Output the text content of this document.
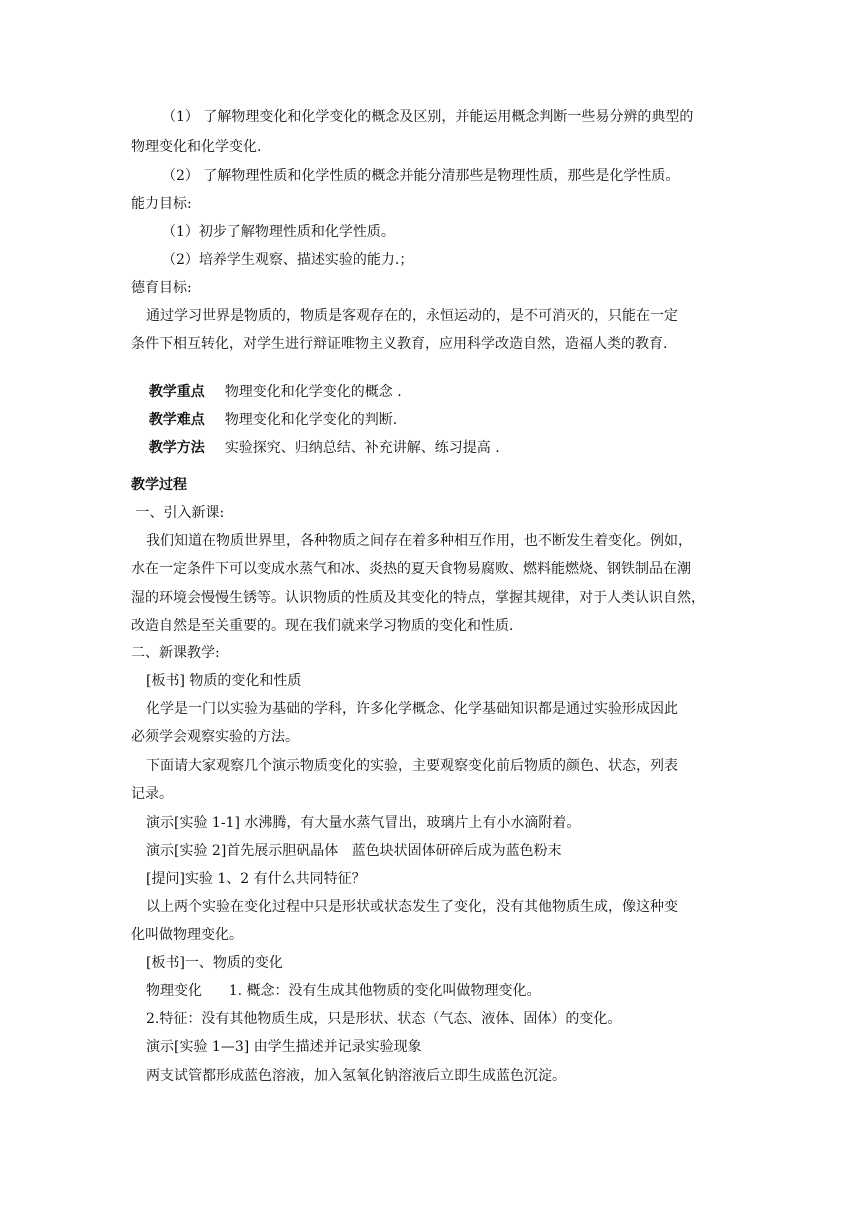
（1） 了解物理变化和化学变化的概念及区别，并能运用概念判断一些易分辨的典型的
物理变化和化学变化.
（2） 了解物理性质和化学性质的概念并能分清那些是物理性质，那些是化学性质。
能力目标:
（1）初步了解物理性质和化学性质。
（2）培养学生观察、描述实验的能力.；
德育目标:
通过学习世界是物质的，物质是客观存在的，永恒运动的，是不可消灭的，只能在一定
条件下相互转化，对学生进行辩证唯物主义教育，应用科学改造自然，造福人类的教育.

教学重点 物理变化和化学变化的概念 .

教学难点 物理变化和化学变化的判断.

教学方法 实验探究、归纳总结、补充讲解、练习提高 .

教学过程
一、引入新课:
我们知道在物质世界里，各种物质之间存在着多种相互作用，也不断发生着变化。例如，
水在一定条件下可以变成水蒸气和冰、炎热的夏天食物易腐败、燃料能燃烧、钢铁制品在潮
湿的环境会慢慢生锈等。认识物质的性质及其变化的特点，掌握其规律，对于人类认识自然，
改造自然是至关重要的。现在我们就来学习物质的变化和性质.
二、新课教学:
[板书] 物质的变化和性质
化学是一门以实验为基础的学科，许多化学概念、化学基础知识都是通过实验形成因此
必须学会观察实验的方法。
下面请大家观察几个演示物质变化的实验，主要观察变化前后物质的颜色、状态，列表
记录。
演示[实验 1-1] 水沸腾，有大量水蒸气冒出，玻璃片上有小水滴附着。
演示[实验 2]首先展示胆矾晶体   蓝色块状固体研碎后成为蓝色粉末
[提问]实验 1、2 有什么共同特征？
以上两个实验在变化过程中只是形状或状态发生了变化，没有其他物质生成，像这种变
化叫做物理变化。
[板书]一、物质的变化
物理变化      1. 概念：没有生成其他物质的变化叫做物理变化。
2.特征：没有其他物质生成，只是形状、状态（气态、液体、固体）的变化。
演示[实验 1—3] 由学生描述并记录实验现象
两支试管都形成蓝色溶液，加入氢氧化钠溶液后立即生成蓝色沉淀。
